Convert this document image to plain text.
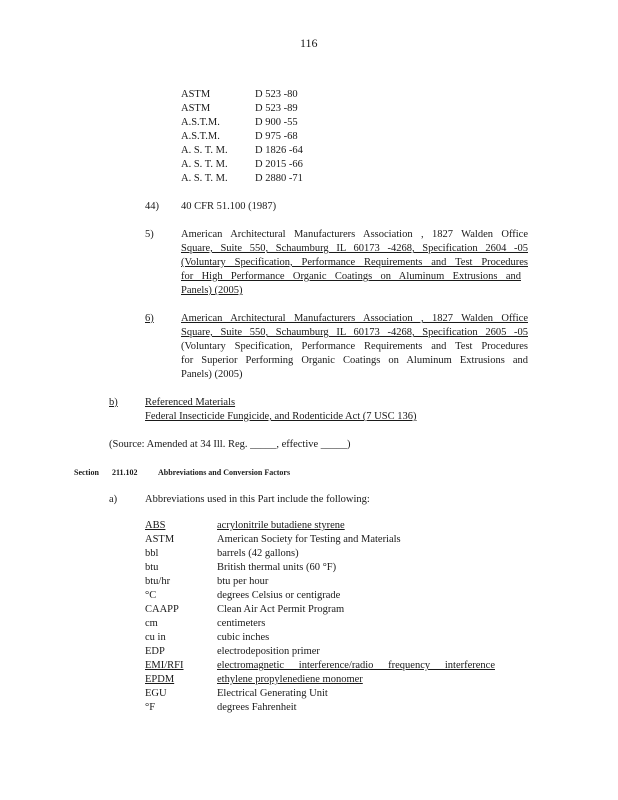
116
ASTM	D 523 -80
ASTM	D 523 -89
A.S.T.M.	D 900 -55
A.S.T.M.	D 975 -68
A. S. T. M.	D 1826 -64
A. S. T. M.	D 2015 -66
A. S. T. M.	D 2880 -71
44) 40 CFR 51.100 (1987)
5)	American Architectural Manufacturers Association , 1827 Walden Office
Square, Suite 550, Schaumburg IL 60173 -4268, Specification 2604 -05
(Voluntary Specification, Performance Requirements and Test Procedures
for High Performance Organic Coatings on Aluminum Extrusions and
Panels) (2005)
6)	American Architectural Manufacturers Association , 1827 Walden Office
Square, Suite 550, Schaumburg IL 60173 -4268, Specification 2605 -05
(Voluntary Specification, Performance Requirements and Test Procedures
for Superior Performing Organic Coatings on Aluminum Extrusions and
Panels) (2005)
b)	Referenced Materials
Federal Insecticide Fungicide, and Rodenticide Act (7 USC 136)
(Source: Amended at 34 Ill. Reg. _____, effective _____)
Section 211.102	Abbreviations and Conversion Factors
a)	Abbreviations used in this Part include the following:
ABS	acrylonitrile butadiene styrene
ASTM	American Society for Testing and Materials
bbl	barrels (42 gallons)
btu	British thermal units (60 °F)
btu/hr	btu per hour
°C	degrees Celsius or centigrade
CAAPP	Clean Air Act Permit Program
cm	centimeters
cu in	cubic inches
EDP	electrodeposition primer
EMI/RFI	electromagnetic interference/radio frequency interference
EPDM	ethylene propylenediene monomer
EGU	Electrical Generating Unit
°F	degrees Fahrenheit
